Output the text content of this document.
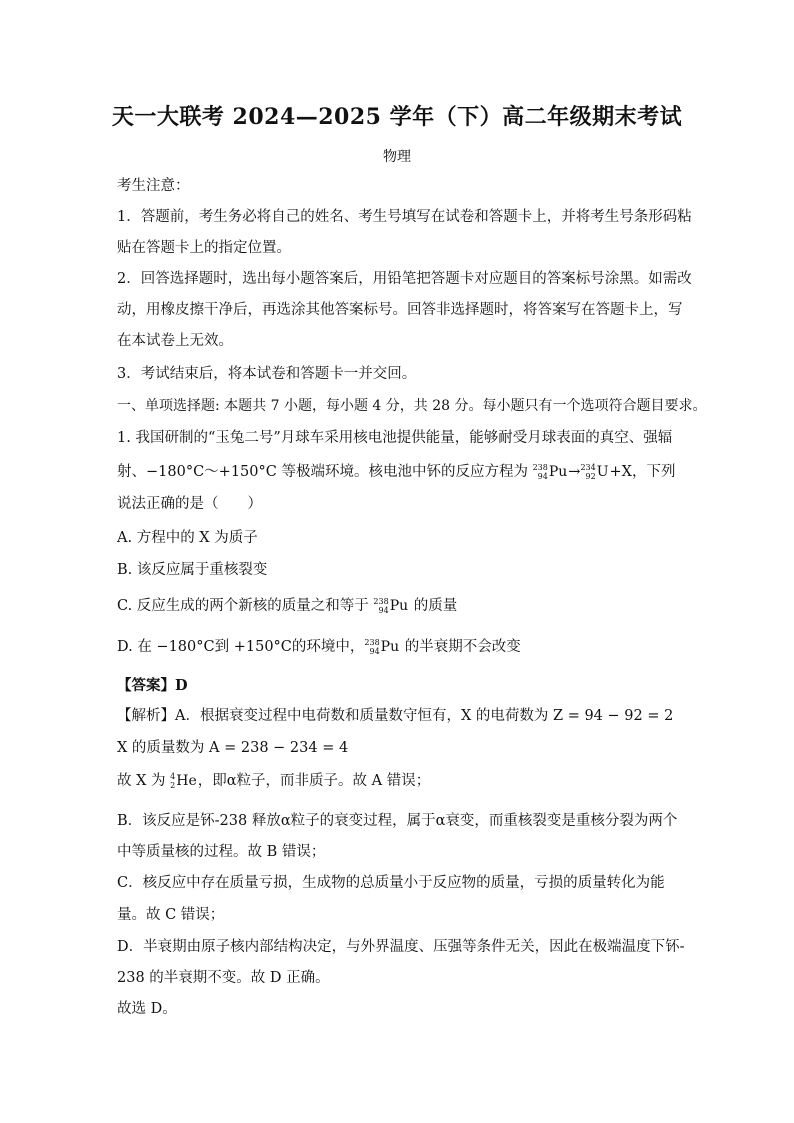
天一大联考 2024—2025 学年（下）高二年级期末考试
物理
考生注意：
1．答题前，考生务必将自己的姓名、考生号填写在试卷和答题卡上，并将考生号条形码粘
贴在答题卡上的指定位置。
2．回答选择题时，选出每小题答案后，用铅笔把答题卡对应题目的答案标号涂黑。如需改
动，用橡皮擦干净后，再选涂其他答案标号。回答非选择题时，将答案写在答题卡上，写
在本试卷上无效。
3．考试结束后，将本试卷和答题卡一并交回。
一、单项选择题: 本题共 7 小题，每小题 4 分，共 28 分。每小题只有一个选项符合题目要求。
1. 我国研制的“玉兔二号”月球车采用核电池提供能量，能够耐受月球表面的真空、强辐
射、−180°C～+150°C 等极端环境。核电池中钚的反应方程为 238
94 Pu→ 234
92 U+X，下列
说法正确的是（　　）
A. 方程中的 X 为质子
B. 该反应属于重核裂变
C. 反应生成的两个新核的质量之和等于 238
94 Pu 的质量
D. 在 −180°C到 +150°C的环境中， 238
94 Pu 的半衰期不会改变
【答案】D
【解析】A．根据衰变过程中电荷数和质量数守恒有，X 的电荷数为 Z = 94 − 92 = 2
X 的质量数为 A = 238 − 234 = 4
故 X 为 4
2 He，即α粒子，而非质子。故 A 错误；
B．该反应是钚-238 释放α粒子的衰变过程，属于α衰变，而重核裂变是重核分裂为两个
中等质量核的过程。故 B 错误；
C．核反应中存在质量亏损，生成物的总质量小于反应物的质量，亏损的质量转化为能
量。故 C 错误；
D．半衰期由原子核内部结构决定，与外界温度、压强等条件无关，因此在极端温度下钚-
238 的半衰期不变。故 D 正确。
故选 D。
